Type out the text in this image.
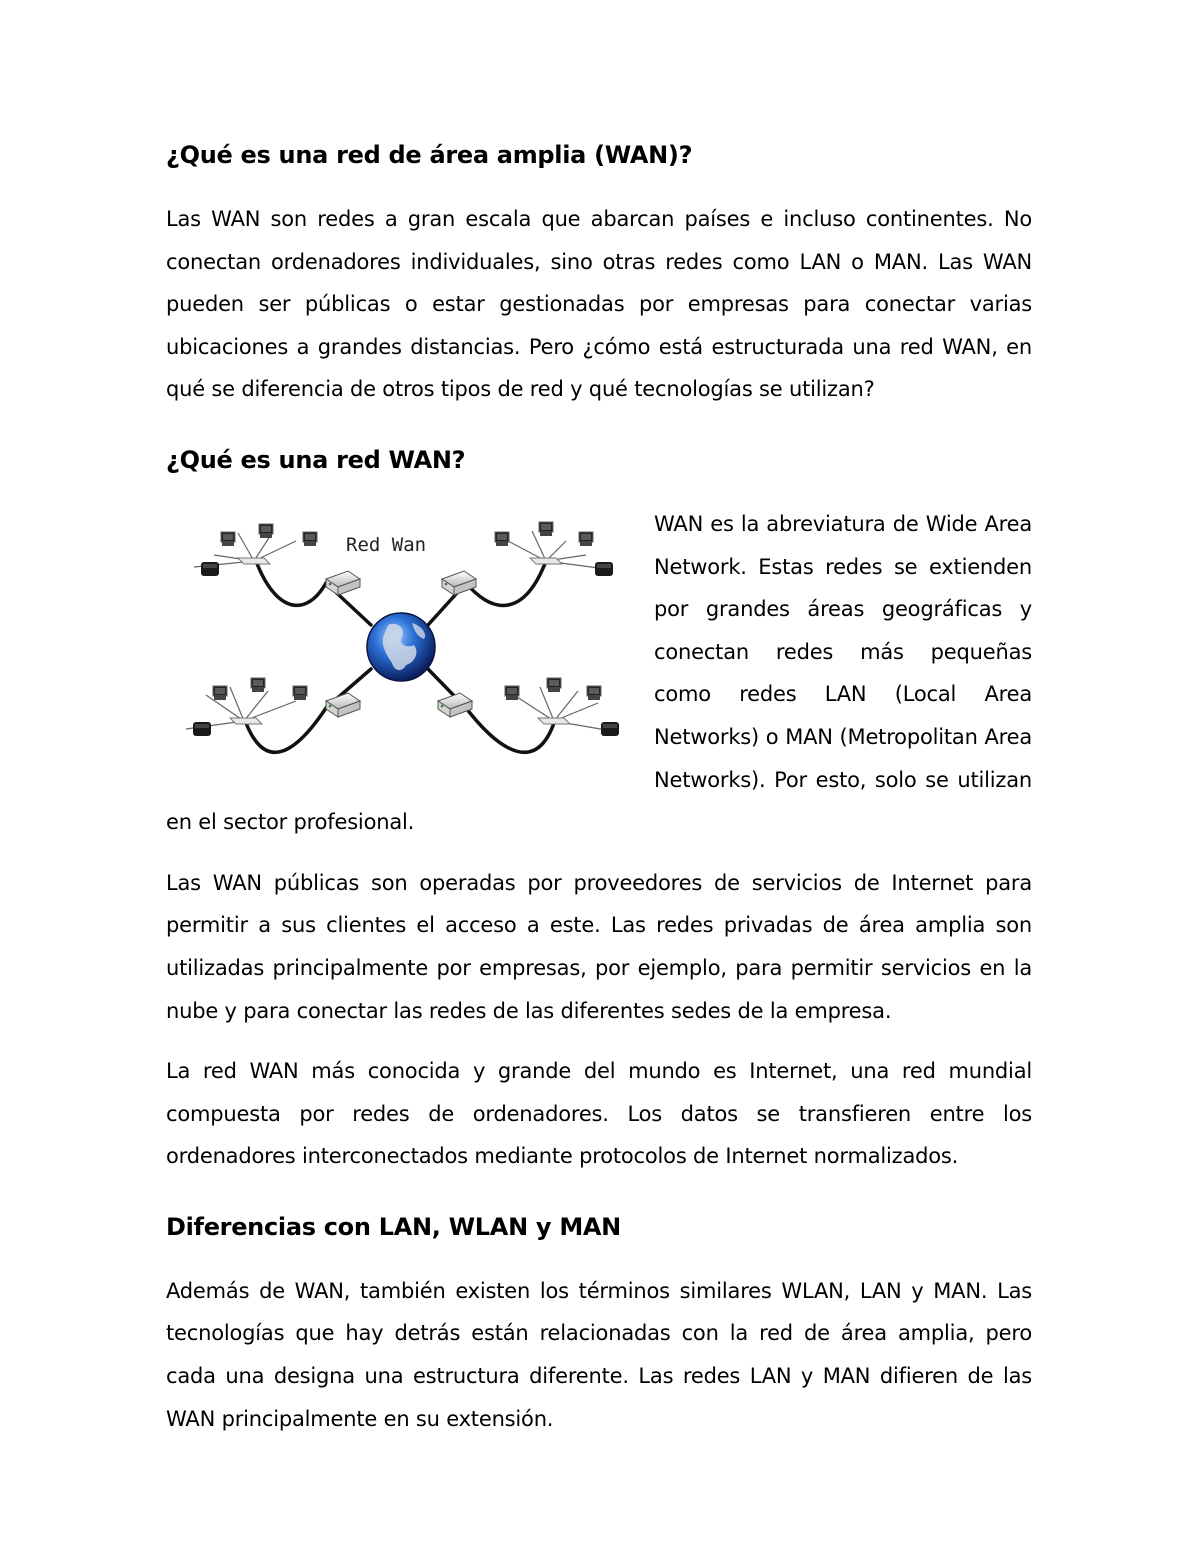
¿Qué es una red de área amplia (WAN)?

Las WAN son redes a gran escala que abarcan países e incluso continentes. No conectan ordenadores individuales, sino otras redes como LAN o MAN. Las WAN pueden ser públicas o estar gestionadas por empresas para conectar varias ubicaciones a grandes distancias. Pero ¿cómo está estructurada una red WAN, en qué se diferencia de otros tipos de red y qué tecnologías se utilizan?

¿Qué es una red WAN?
Red Wan

WAN es la abreviatura de Wide Area Network. Estas redes se extienden por grandes áreas geográficas y conectan redes más pequeñas como redes LAN (Local Area Networks) o MAN (Metropolitan Area Networks). Por esto, solo se utilizan en el sector profesional.

Las WAN públicas son operadas por proveedores de servicios de Internet para permitir a sus clientes el acceso a este. Las redes privadas de área amplia son utilizadas principalmente por empresas, por ejemplo, para permitir servicios en la nube y para conectar las redes de las diferentes sedes de la empresa.

La red WAN más conocida y grande del mundo es Internet, una red mundial compuesta por redes de ordenadores. Los datos se transfieren entre los ordenadores interconectados mediante protocolos de Internet normalizados.

Diferencias con LAN, WLAN y MAN

Además de WAN, también existen los términos similares WLAN, LAN y MAN. Las tecnologías que hay detrás están relacionadas con la red de área amplia, pero cada una designa una estructura diferente. Las redes LAN y MAN difieren de las WAN principalmente en su extensión.
